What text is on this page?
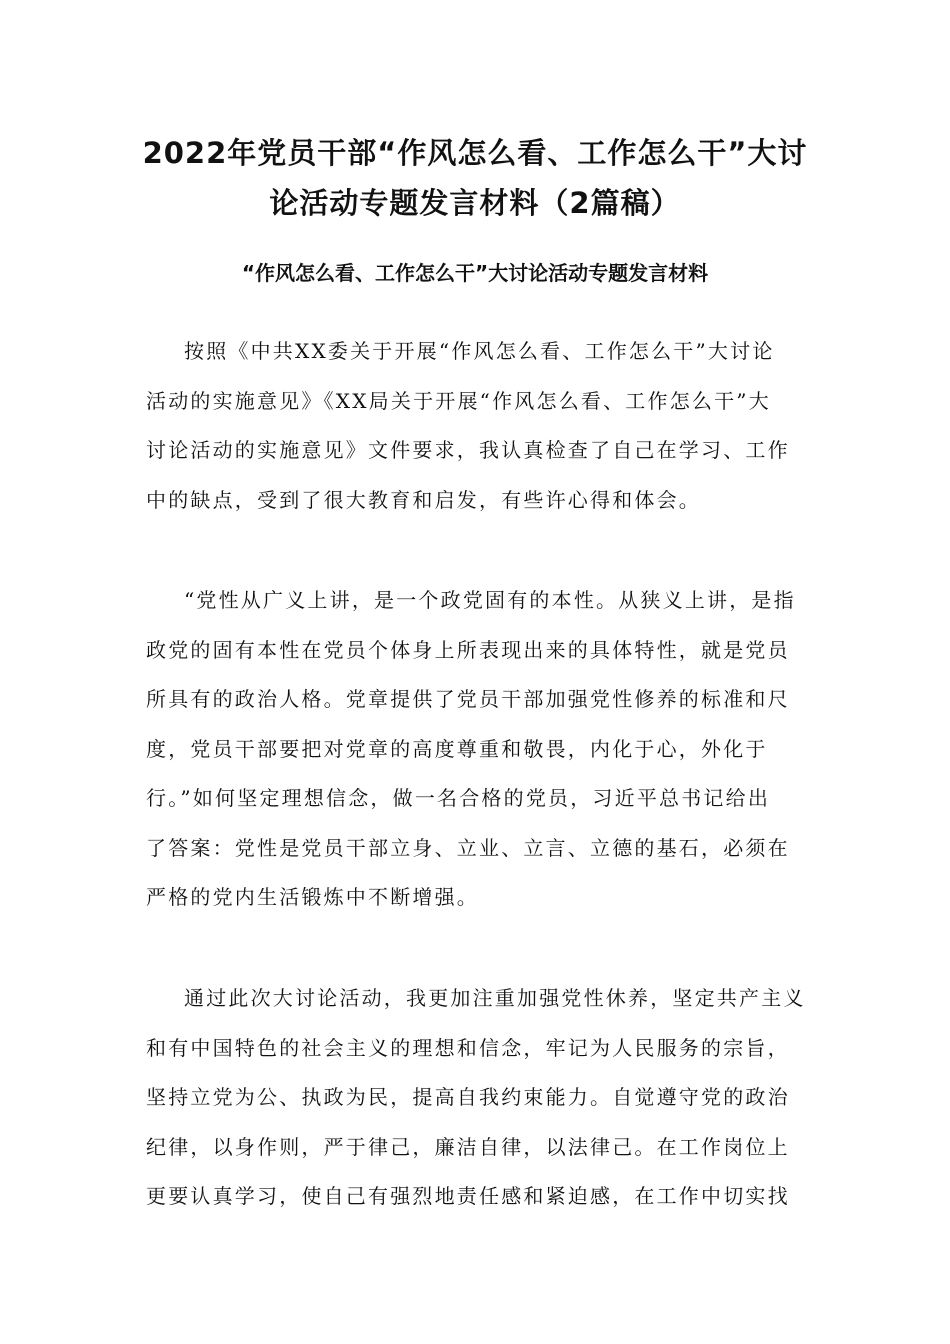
2022年党员干部“作风怎么看、工作怎么干”大讨
论活动专题发言材料（2篇稿）
“作风怎么看、工作怎么干”大讨论活动专题发言材料

按照《中共XX委关于开展“作风怎么看、工作怎么干”大讨论
活动的实施意见》《XX局关于开展“作风怎么看、工作怎么干”大
讨论活动的实施意见》文件要求，我认真检查了自己在学习、工作
中的缺点，受到了很大教育和启发，有些许心得和体会。

“党性从广义上讲，是一个政党固有的本性。从狭义上讲，是指
政党的固有本性在党员个体身上所表现出来的具体特性，就是党员
所具有的政治人格。党章提供了党员干部加强党性修养的标准和尺
度，党员干部要把对党章的高度尊重和敬畏，内化于心，外化于
行。”如何坚定理想信念，做一名合格的党员，习近平总书记给出
了答案：党性是党员干部立身、立业、立言、立德的基石，必须在
严格的党内生活锻炼中不断增强。

通过此次大讨论活动，我更加注重加强党性休养，坚定共产主义
和有中国特色的社会主义的理想和信念，牢记为人民服务的宗旨，
坚持立党为公、执政为民，提高自我约束能力。自觉遵守党的政治
纪律，以身作则，严于律己，廉洁自律，以法律己。在工作岗位上
更要认真学习，使自己有强烈地责任感和紧迫感，在工作中切实找
